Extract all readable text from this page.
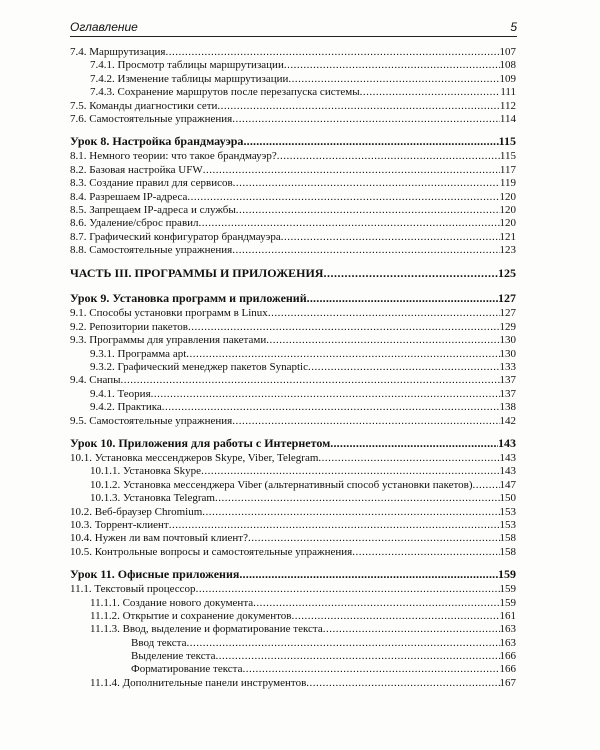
Оглавление	5
7.4. Маршрутизация .....	107
7.4.1. Просмотр таблицы маршрутизации .....	108
7.4.2. Изменение таблицы маршрутизации .....	109
7.4.3. Сохранение маршрутов после перезапуска системы .....	111
7.5. Команды диагностики сети .....	112
7.6. Самостоятельные упражнения .....	114
Урок 8. Настройка брандмауэра .....	115
8.1. Немного теории: что такое брандмауэр? .....	115
8.2. Базовая настройка UFW .....	117
8.3. Создание правил для сервисов .....	119
8.4. Разрешаем IP-адреса .....	120
8.5. Запрещаем IP-адреса и службы .....	120
8.6. Удаление/сброс правил .....	120
8.7. Графический конфигуратор брандмауэра .....	121
8.8. Самостоятельные упражнения .....	123
ЧАСТЬ III. ПРОГРАММЫ И ПРИЛОЖЕНИЯ .....	125
Урок 9. Установка программ и приложений .....	127
9.1. Способы установки программ в Linux .....	127
9.2. Репозитории пакетов .....	129
9.3. Программы для управления пакетами .....	130
9.3.1. Программа apt .....	130
9.3.2. Графический менеджер пакетов Synaptic .....	133
9.4. Снапы .....	137
9.4.1. Теория .....	137
9.4.2. Практика .....	138
9.5. Самостоятельные упражнения .....	142
Урок 10. Приложения для работы с Интернетом .....	143
10.1. Установка мессенджеров Skype, Viber, Telegram .....	143
10.1.1. Установка Skype .....	143
10.1.2. Установка мессенджера Viber (альтернативный способ установки пакетов) ..... 147
10.1.3. Установка Telegram .....	150
10.2. Веб-браузер Chromium .....	153
10.3. Торрент-клиент .....	153
10.4. Нужен ли вам почтовый клиент? .....	158
10.5. Контрольные вопросы и самостоятельные упражнения .....	158
Урок 11. Офисные приложения .....	159
11.1. Текстовый процессор .....	159
11.1.1. Создание нового документа .....	159
11.1.2. Открытие и сохранение документов .....	161
11.1.3. Ввод, выделение и форматирование текста .....	163
Ввод текста .....	163
Выделение текста .....	166
Форматирование текста .....	166
11.1.4. Дополнительные панели инструментов .....	167
